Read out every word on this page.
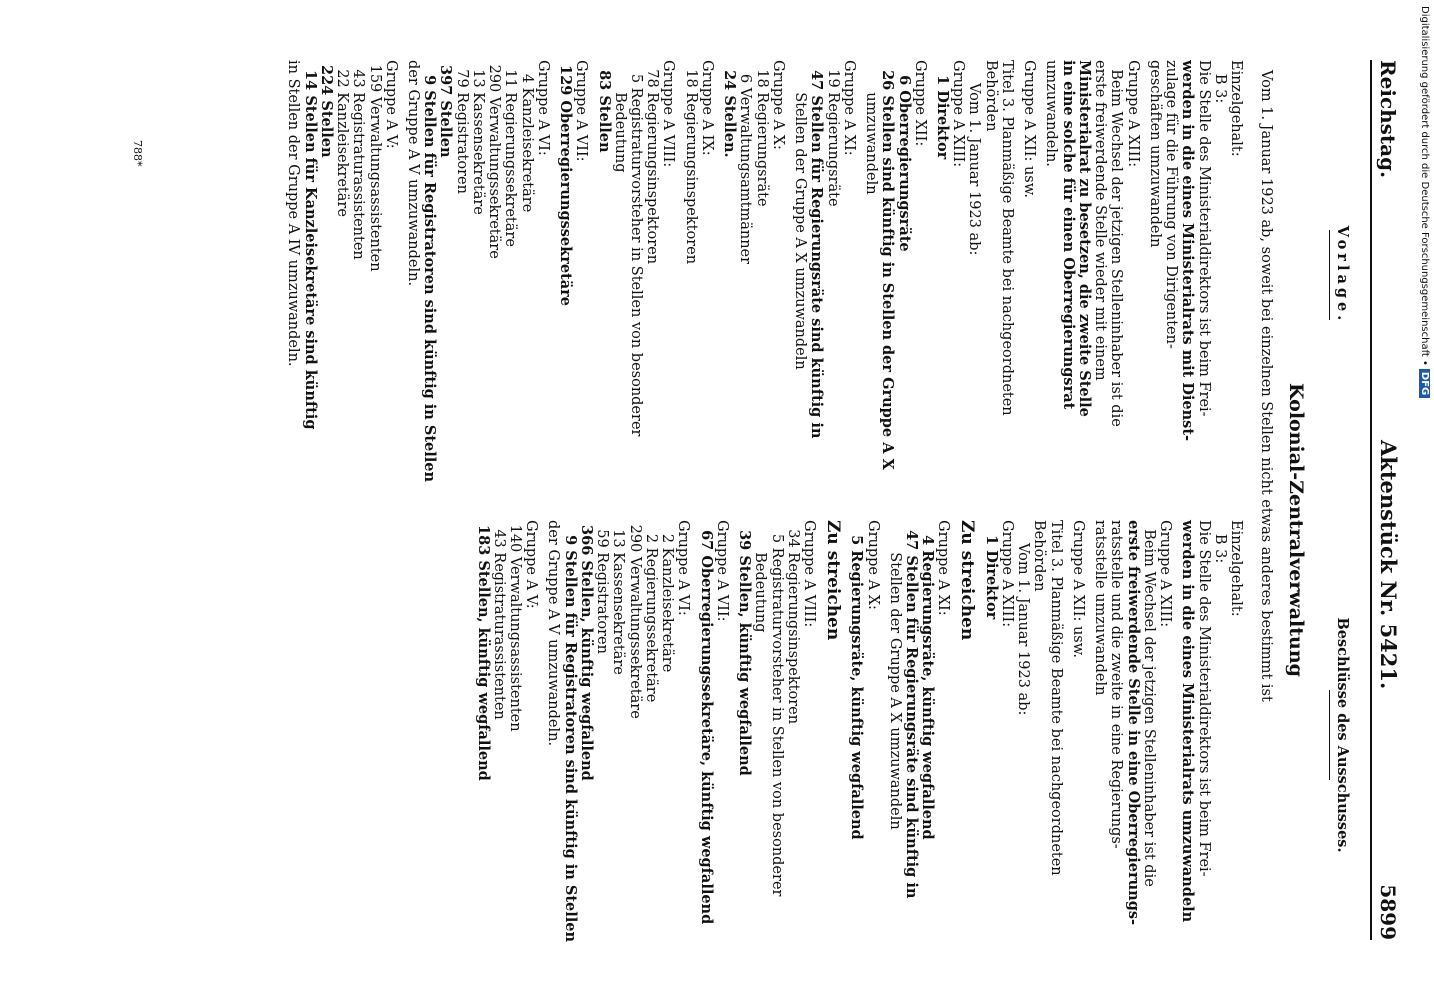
Reichstag.
Aktenstück Nr. 5421.
5899

Vorlage.

Beschlüsse des Ausschusses.

Kolonial-Zentralverwaltung
Vom 1. Januar 1923 ab, soweit bei einzelnen Stellen nicht etwas anderes bestimmt ist

Einzelgehalt:

B 3:

Die Stelle des Ministerialdirektors ist beim Frei-

werden in die eines Ministerialrats mit Dienst-

zulage für die Führung von Dirigenten-

geschäften umzuwandeln

Gruppe A XIII:

Beim Wechsel der jetzigen Stelleninhaber ist die

erste freiwerdende Stelle wieder mit einem

Ministerialrat zu besetzen, die zweite Stelle

in eine solche für einen Oberregierungsrat

umzuwandeln.

Gruppe A XII: usw.

Titel 3. Planmäßige Beamte bei nachgeordneten

Behörden

Vom 1. Januar 1923 ab:

Gruppe A XIII:

1 Direktor

Gruppe XII:

6 Oberregierungsräte

26 Stellen sind künftig in Stellen der Gruppe A X

umzuwandeln

Gruppe A XI:

19 Regierungsräte

47 Stellen für Regierungsräte sind künftig in

Stellen der Gruppe A X umzuwandeln

Gruppe A X:

18 Regierungsräte

6 Verwaltungsamtmänner

24 Stellen.

Gruppe A IX:

18 Regierungsinspektoren

Gruppe A VIII:

78 Regierungsinspektoren

5 Registraturvorsteher in Stellen von besonderer

Bedeutung

83 Stellen

Gruppe A VII:

129 Oberregierungssekretäre

Gruppe A VI:

4 Kanzleisekretäre

11 Regierungssekretäre

290 Verwaltungssekretäre

13 Kassensekretäre

79 Registratoren

397 Stellen

9 Stellen für Registratoren sind künftig in Stellen

der Gruppe A V umzuwandeln.

Gruppe A V:

159 Verwaltungsassistenten

43 Registraturassistenten

22 Kanzleisekretäre

224 Stellen

14 Stellen für Kanzleisekretäre sind künftig

in Stellen der Gruppe A IV umzuwandeln.

Einzelgehalt:

B 3:

Die Stelle des Ministerialdirektors ist beim Frei-

werden in die eines Ministerialrats umzuwandeln

Gruppe A XIII:

Beim Wechsel der jetzigen Stelleninhaber ist die

erste freiwerdende Stelle in eine Oberregierungs-

ratsstelle und die zweite in eine Regierungs-

ratsstelle umzuwandeln

Gruppe A XII: usw.

Titel 3. Planmäßige Beamte bei nachgeordneten

Behörden

Vom 1. Januar 1923 ab:

Gruppe A XIII:

1 Direktor

Zu streichen

Gruppe A XI:

4 Regierungsräte, künftig wegfallend

47 Stellen für Regierungsräte sind künftig in

Stellen der Gruppe A X umzuwandeln

Gruppe A X:

5 Regierungsräte, künftig wegfallend

Zu streichen

Gruppe A VIII:

34 Regierungsinspektoren

5 Registraturvorsteher in Stellen von besonderer

Bedeutung

39 Stellen, künftig wegfallend

Gruppe A VII:

67 Oberregierungssekretäre, künftig wegfallend

Gruppe A VI:

2 Kanzleisekretäre

2 Regierungssekretäre

290 Verwaltungssekretäre

13 Kassensekretäre

59 Registratoren

366 Stellen, künftig wegfallend

9 Stellen für Registratoren sind künftig in Stellen

der Gruppe A V umzuwandeln.

Gruppe A V:

140 Verwaltungsassistenten

43 Registraturassistenten

183 Stellen, künftig wegfallend

788*	Digitalisierung gefördert durch die Deutsche Forschungsgemeinschaft •DFG
